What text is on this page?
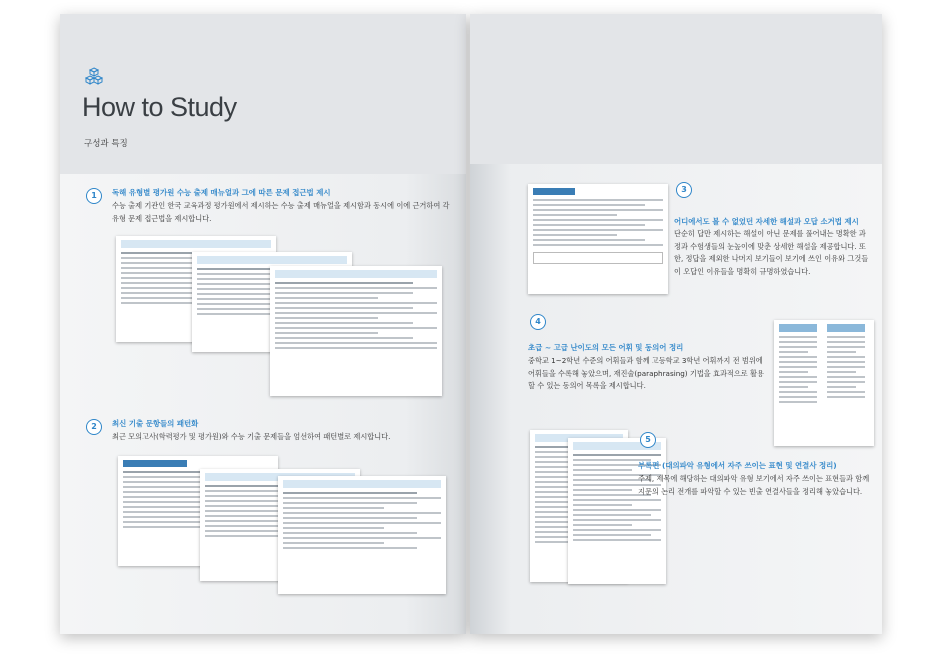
How to Study
구성과 특징
1	독해 유형별 평가원 수능 출제 매뉴얼과 그에 따른 문제 접근법 제시
수능 출제 기관인 한국 교육과정 평가원에서 제시하는 수능 출제 매뉴얼을 제시함과 동시에 이에 근거하여 각 유형 문제 접근법을 제시합니다.
2	최신 기출 문항들의 패턴화
최근 모의고사(학력평가 및 평가원)와 수능 기출 문제들을 엄선하여 패턴별로 제시합니다.
3
어디에서도 볼 수 없었던 자세한 해설과 오답 소거법 제시
단순히 답만 제시하는 해설이 아닌 문제를 풀어내는 명확한 과정과 수험생들의 눈높이에 맞춘 상세한 해설을 제공합니다. 또한, 정답을 제외한 나머지 보기들이 보기에 쓰인 이유와 그것들이 오답인 이유들을 명확히 규명하였습니다.
4
초급 ~ 고급 난이도의 모든 어휘 및 동의어 정리
중학교 1~2학년 수준의 어휘들과 함께 고등학교 3학년 어휘까지 전 범위에 어휘들을 수록해 놓았으며, 재진술(paraphrasing) 기법을 효과적으로 활용할 수 있는 동의어 목록을 제시합니다.
5
부록편 (대의파악 유형에서 자주 쓰이는 표현 및 연결사 정리)
주제, 제목에 해당하는 대의파악 유형 보기에서 자주 쓰이는 표현들과 함께 지문의 논리 전개를 파악할 수 있는 빈출 연결사들을 정리해 놓았습니다.
